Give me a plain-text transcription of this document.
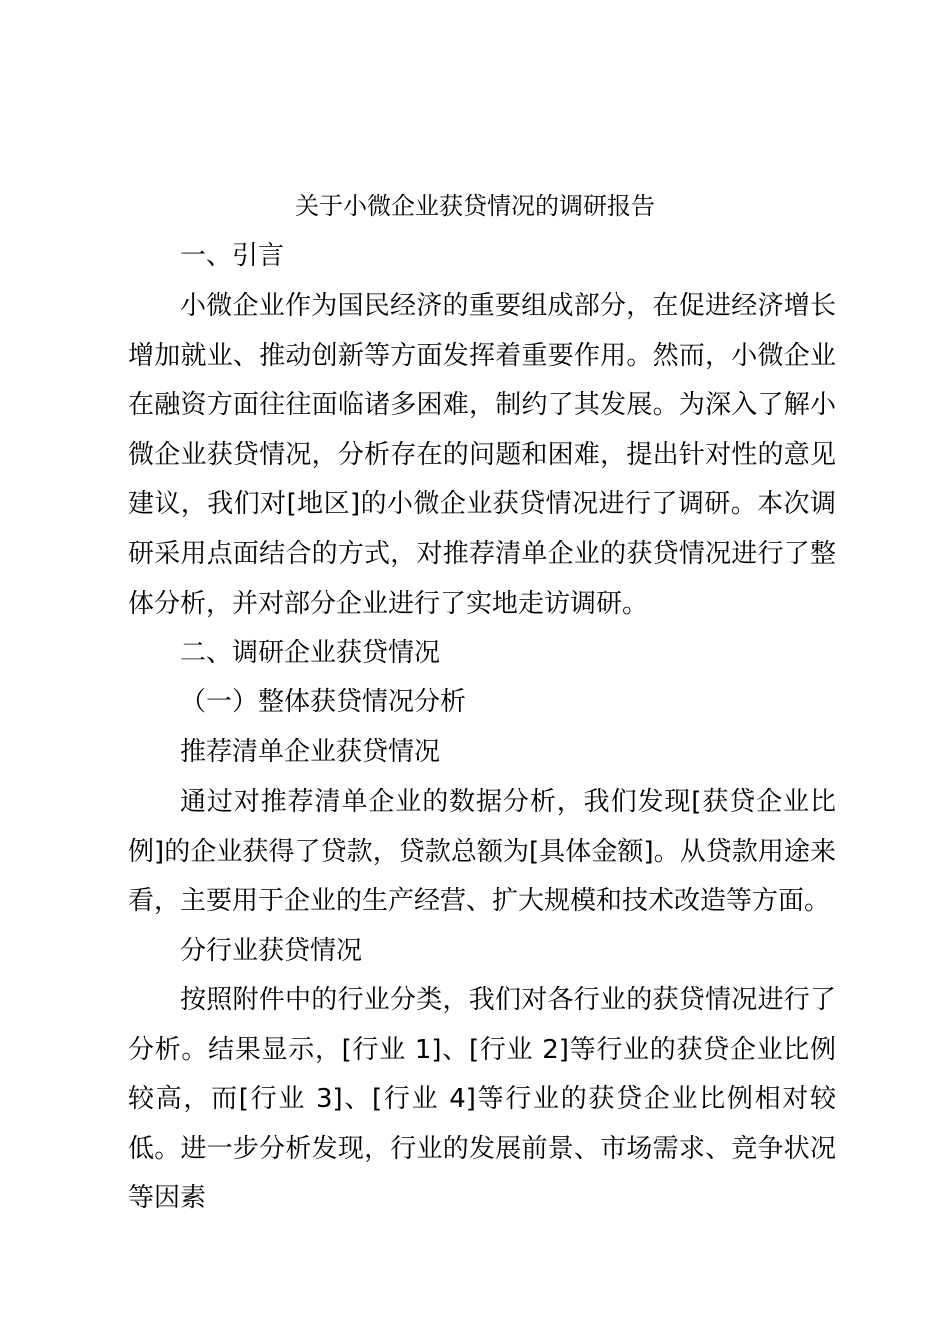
关于小微企业获贷情况的调研报告

一、引言

小微企业作为国民经济的重要组成部分，在促进经济增长增加就业、推动创新等方面发挥着重要作用。然而，小微企业在融资方面往往面临诸多困难，制约了其发展。为深入了解小微企业获贷情况，分析存在的问题和困难，提出针对性的意见建议，我们对[地区]的小微企业获贷情况进行了调研。本次调研采用点面结合的方式，对推荐清单企业的获贷情况进行了整体分析，并对部分企业进行了实地走访调研。

二、调研企业获贷情况

（一）整体获贷情况分析

推荐清单企业获贷情况

通过对推荐清单企业的数据分析，我们发现[获贷企业比例]的企业获得了贷款，贷款总额为[具体金额]。从贷款用途来看，主要用于企业的生产经营、扩大规模和技术改造等方面。

分行业获贷情况

按照附件中的行业分类，我们对各行业的获贷情况进行了分析。结果显示，[行业 1]、[行业 2]等行业的获贷企业比例较高，而[行业 3]、[行业 4]等行业的获贷企业比例相对较低。进一步分析发现，行业的发展前景、市场需求、竞争状况等因素
